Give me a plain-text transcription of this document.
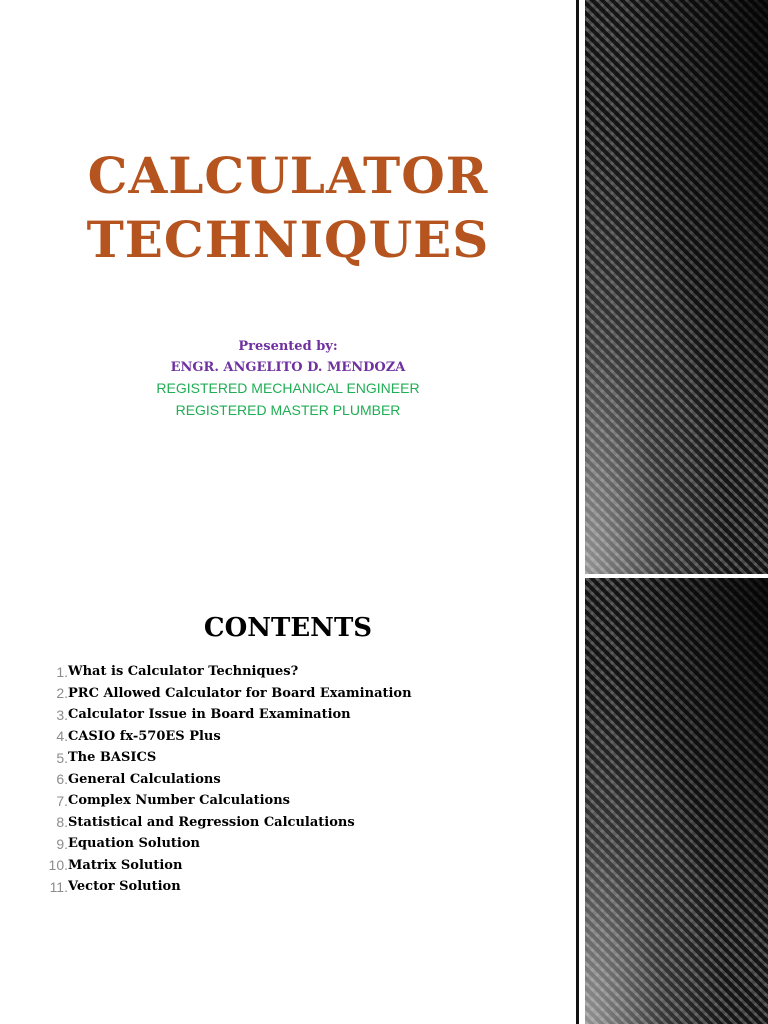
CALCULATOR
TECHNIQUES

Presented by:

ENGR. ANGELITO D. MENDOZA

REGISTERED MECHANICAL ENGINEER

REGISTERED MASTER PLUMBER

CONTENTS
1. What is Calculator Techniques?
2. PRC Allowed Calculator for Board Examination
3. Calculator Issue in Board Examination
4. CASIO fx-570ES Plus
5. The BASICS
6. General Calculations
7. Complex Number Calculations
8. Statistical and Regression Calculations
9. Equation Solution
10. Matrix Solution
11. Vector Solution
